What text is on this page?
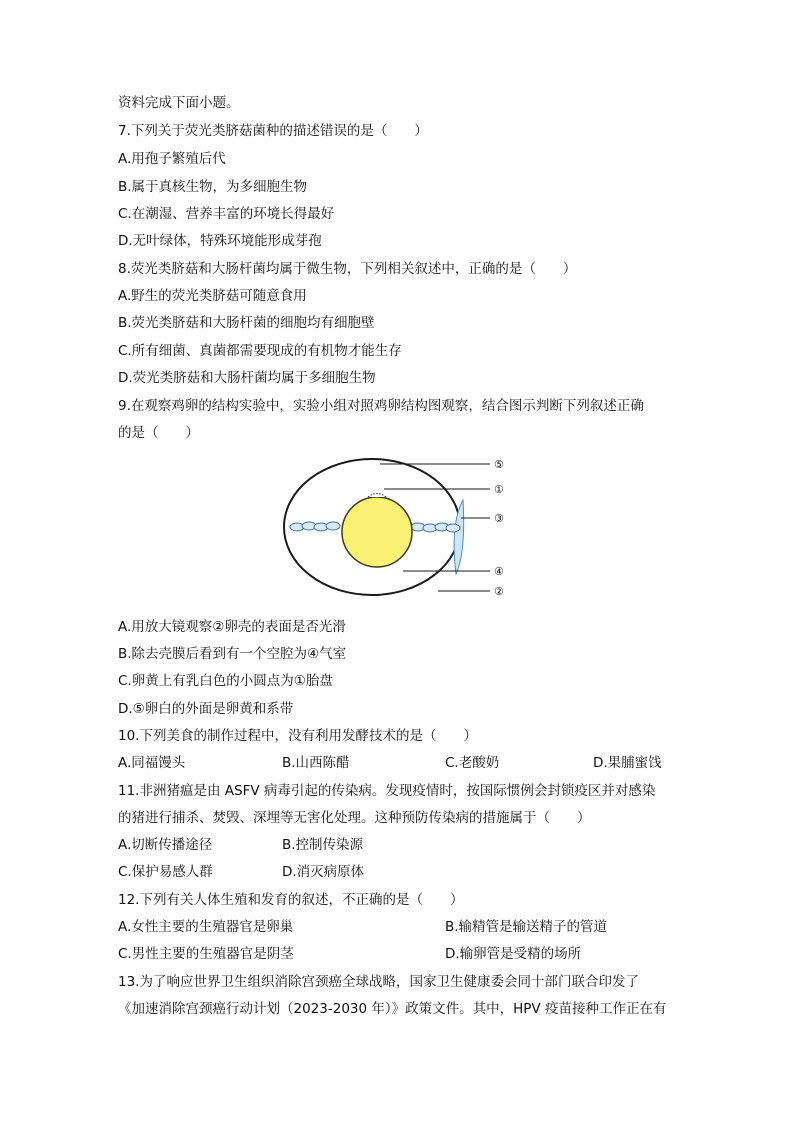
资料完成下面小题。
7.下列关于荧光类脐菇菌种的描述错误的是（　　）
A.用孢子繁殖后代
B.属于真核生物，为多细胞生物
C.在潮湿、营养丰富的环境长得最好
D.无叶绿体，特殊环境能形成芽孢
8.荧光类脐菇和大肠杆菌均属于微生物，下列相关叙述中，正确的是（　　）
A.野生的荧光类脐菇可随意食用
B.荧光类脐菇和大肠杆菌的细胞均有细胞壁
C.所有细菌、真菌都需要现成的有机物才能生存
D.荧光类脐菇和大肠杆菌均属于多细胞生物
9.在观察鸡卵的结构实验中，实验小组对照鸡卵结构图观察，结合图示判断下列叙述正确
的是（　　）
⑤
①
③
④
②
A.用放大镜观察②卵壳的表面是否光滑
B.除去壳膜后看到有一个空腔为④气室
C.卵黄上有乳白色的小圆点为①胎盘
D.⑤卵白的外面是卵黄和系带
10.下列美食的制作过程中，没有利用发酵技术的是（　　）
A.同福馒头	B.山西陈醋	C.老酸奶	D.果脯蜜饯
11.非洲猪瘟是由 ASFV 病毒引起的传染病。发现疫情时，按国际惯例会封锁疫区并对感染
的猪进行捕杀、焚毁、深埋等无害化处理。这种预防传染病的措施属于（　　）
A.切断传播途径	B.控制传染源
C.保护易感人群	D.消灭病原体
12.下列有关人体生殖和发育的叙述，不正确的是（　　）
A.女性主要的生殖器官是卵巢	B.输精管是输送精子的管道
C.男性主要的生殖器官是阴茎	D.输卵管是受精的场所
13.为了响应世界卫生组织消除宫颈癌全球战略，国家卫生健康委会同十部门联合印发了
《加速消除宫颈癌行动计划（2023-2030 年）》政策文件。其中，HPV 疫苗接种工作正在有
